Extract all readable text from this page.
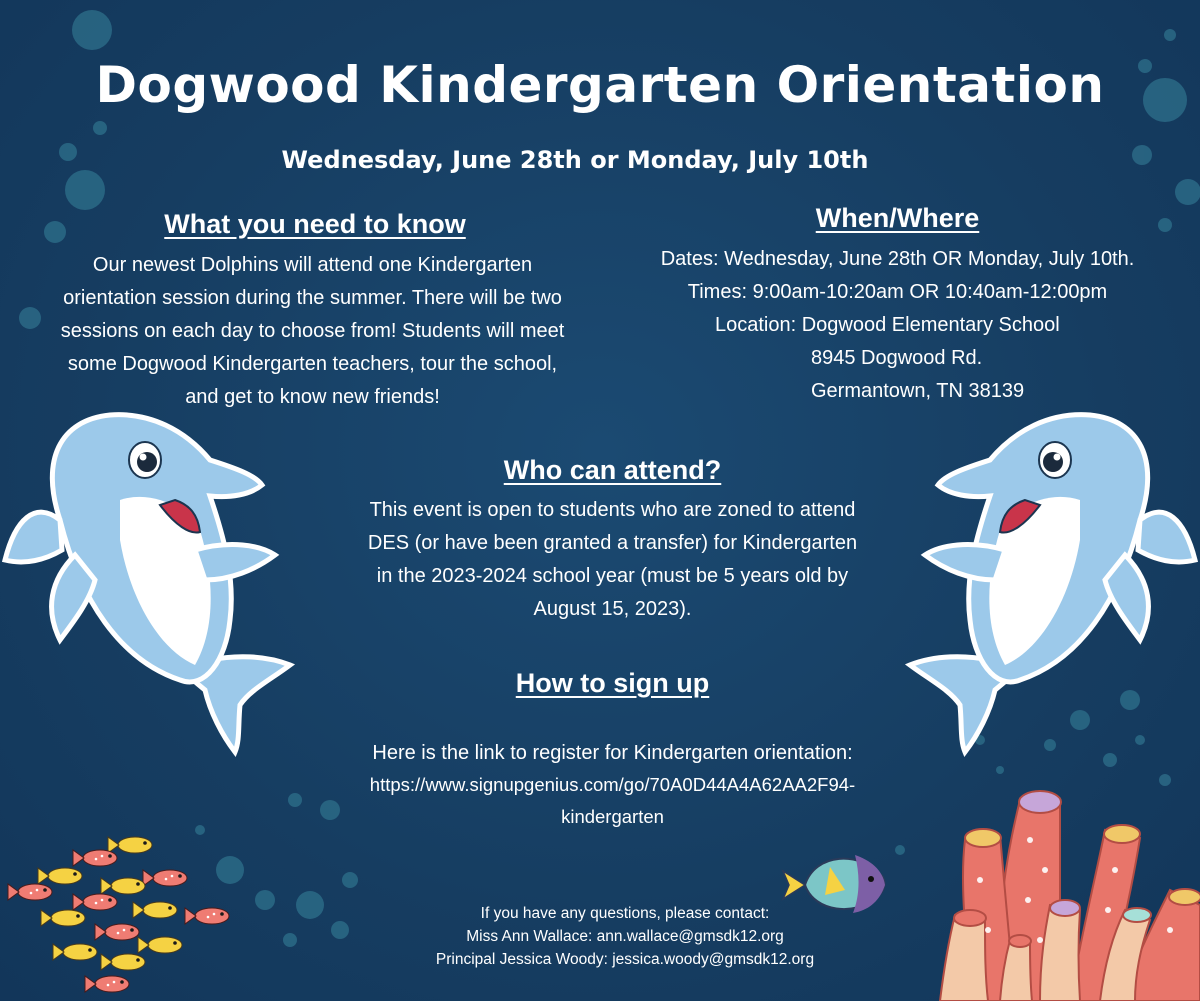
Dogwood Kindergarten Orientation
Wednesday, June 28th or Monday, July 10th
What you need to know
Our newest Dolphins will attend one Kindergarten
orientation session during the summer. There will be two
sessions on each day to choose from! Students will meet
some Dogwood Kindergarten teachers, tour the school,
and get to know new friends!
When/Where
Dates: Wednesday, June 28th OR Monday, July 10th.
Times: 9:00am-10:20am OR 10:40am-12:00pm
Location: Dogwood Elementary School
8945 Dogwood Rd.
Germantown, TN 38139
Who can attend?
This event is open to students who are zoned to attend
DES (or have been granted a transfer) for Kindergarten
in the 2023-2024 school year (must be 5 years old by
August 15, 2023).
How to sign up
Here is the link to register for Kindergarten orientation:
https://www.signupgenius.com/go/70A0D44A4A62AA2F94-
kindergarten
If you have any questions, please contact:
Miss Ann Wallace: ann.wallace@gmsdk12.org
Principal Jessica Woody: jessica.woody@gmsdk12.org
